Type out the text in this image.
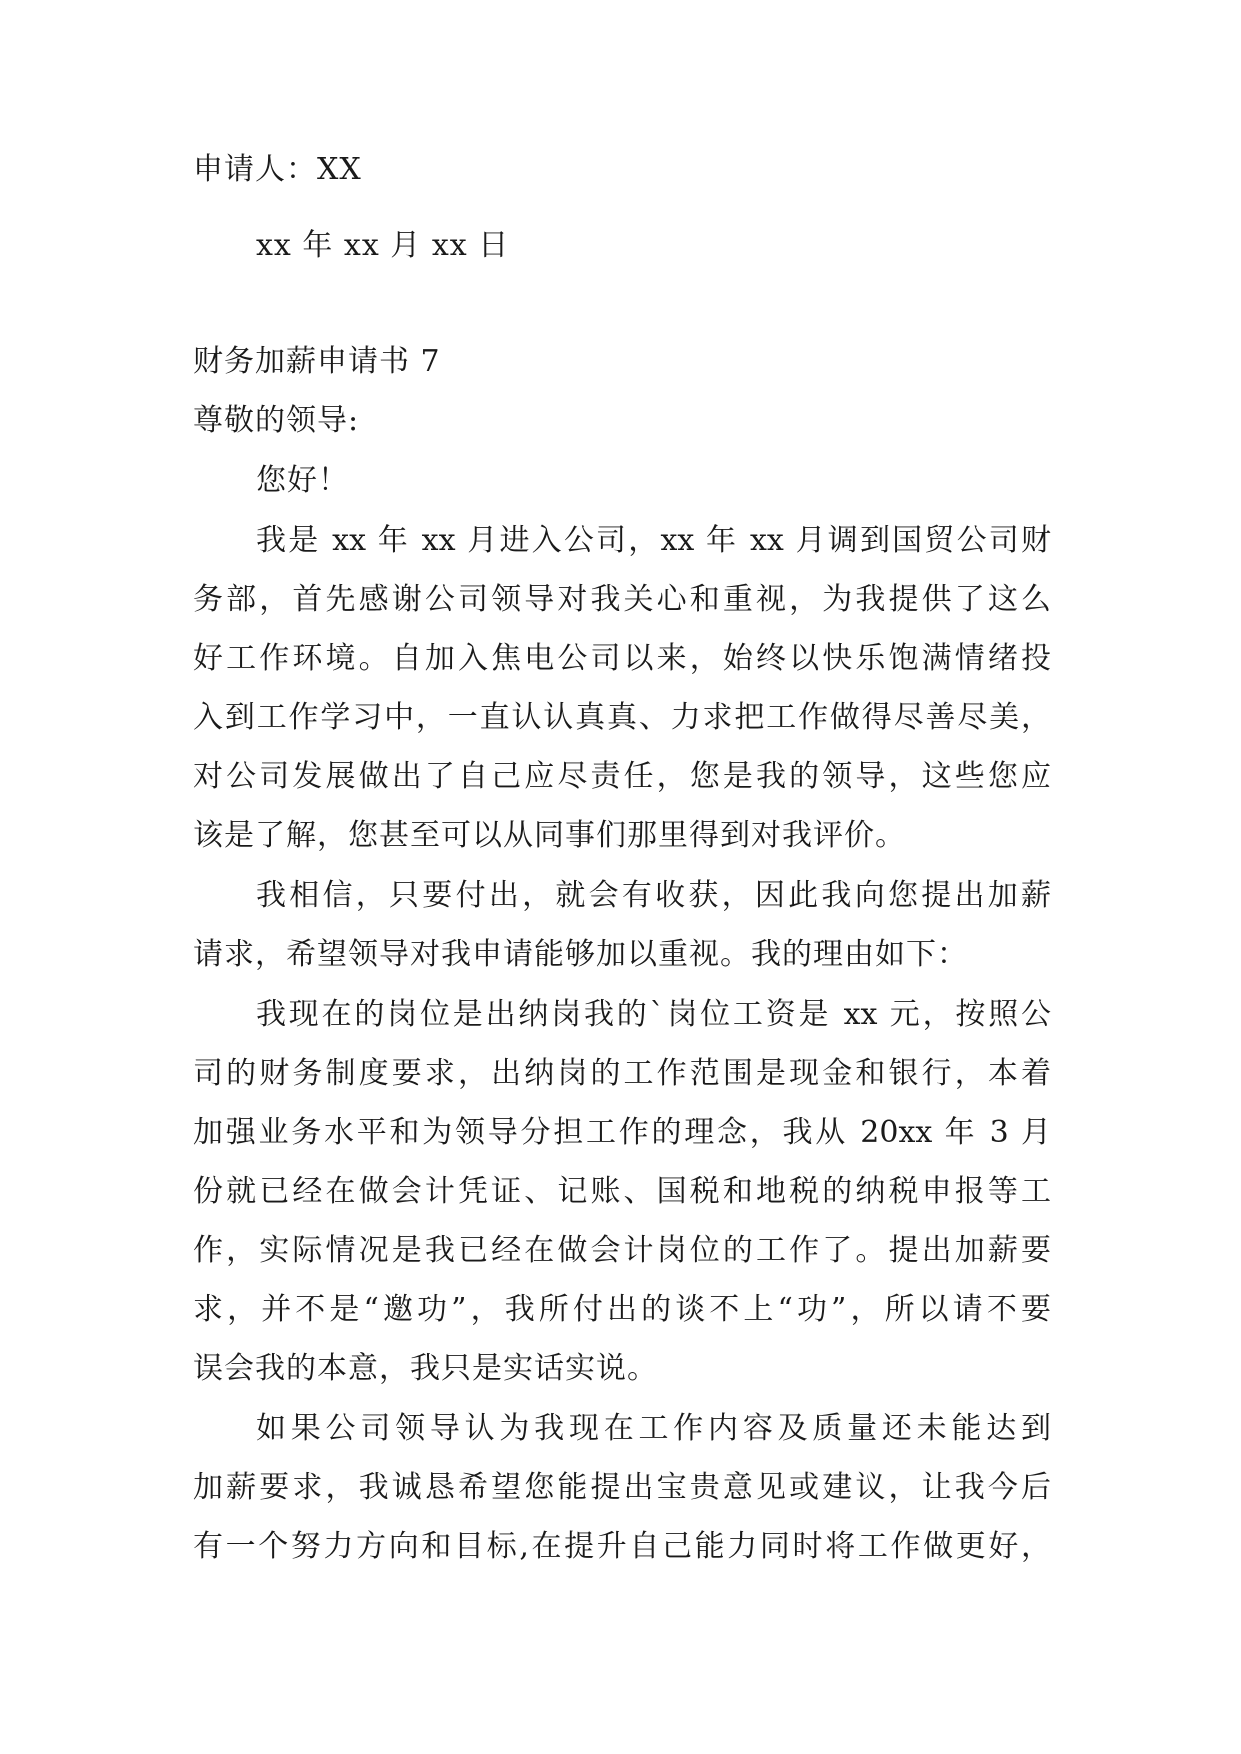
申请人：XX
xx 年 xx 月 xx 日
财务加薪申请书 7
尊敬的领导:
您好！
我是 xx 年 xx 月进入公司，xx 年 xx 月调到国贸公司财
务部，首先感谢公司领导对我关心和重视，为我提供了这么
好工作环境。自加入焦电公司以来，始终以快乐饱满情绪投
入到工作学习中，一直认认真真、力求把工作做得尽善尽美，
对公司发展做出了自己应尽责任，您是我的领导，这些您应
该是了解，您甚至可以从同事们那里得到对我评价。
我相信，只要付出，就会有收获，因此我向您提出加薪
请求，希望领导对我申请能够加以重视。我的理由如下：
我现在的岗位是出纳岗我的`岗位工资是 xx 元，按照公
司的财务制度要求，出纳岗的工作范围是现金和银行，本着
加强业务水平和为领导分担工作的理念，我从 20xx 年 3 月
份就已经在做会计凭证、记账、国税和地税的纳税申报等工
作，实际情况是我已经在做会计岗位的工作了。提出加薪要
求，并不是“邀功”，我所付出的谈不上“功”，所以请不要
误会我的本意，我只是实话实说。
如果公司领导认为我现在工作内容及质量还未能达到
加薪要求，我诚恳希望您能提出宝贵意见或建议，让我今后
有一个努力方向和目标,在提升自己能力同时将工作做更好，
